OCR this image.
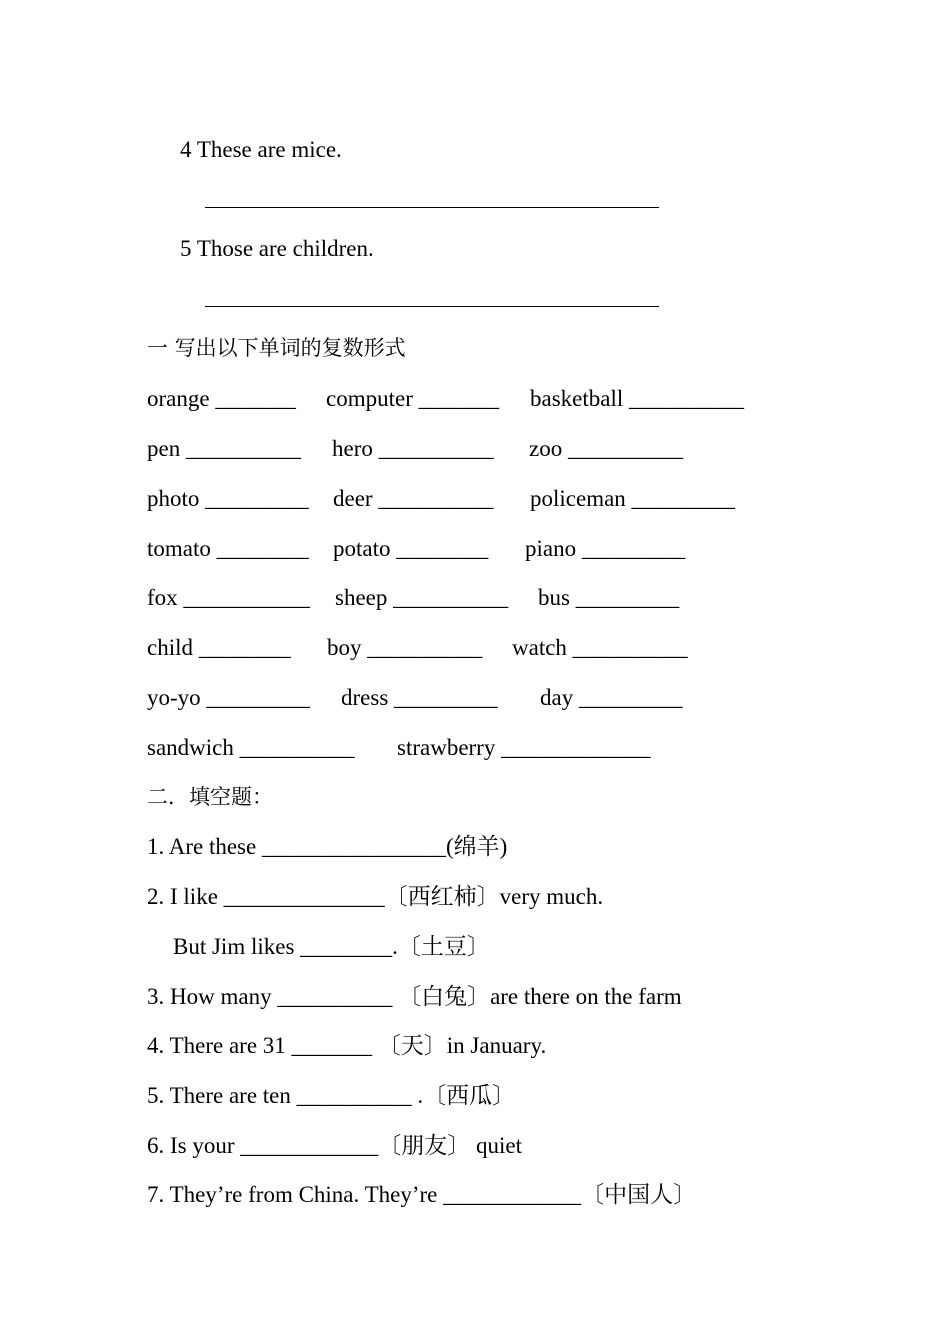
4 These are mice.
5 Those are children.
一 写出以下单词的复数形式
orange _______ computer _______ basketball __________
pen __________ hero __________ zoo __________
photo _________ deer __________ policeman _________
tomato ________ potato ________ piano _________
fox ___________ sheep __________ bus _________
child ________ boy __________ watch __________
yo-yo _________ dress _________ day _________
sandwich __________ strawberry _____________
二．填空题：
1. Are these ________________(绵羊)
2. I like ______________〔西红柿〕very much.
But Jim likes ________.〔土豆〕
3. How many __________ 〔白兔〕are there on the farm
4. There are 31 _______ 〔天〕in January.
5. There are ten __________ .〔西瓜〕
6. Is your ____________〔朋友〕 quiet
7. They’re from China. They’re ____________〔中国人〕
